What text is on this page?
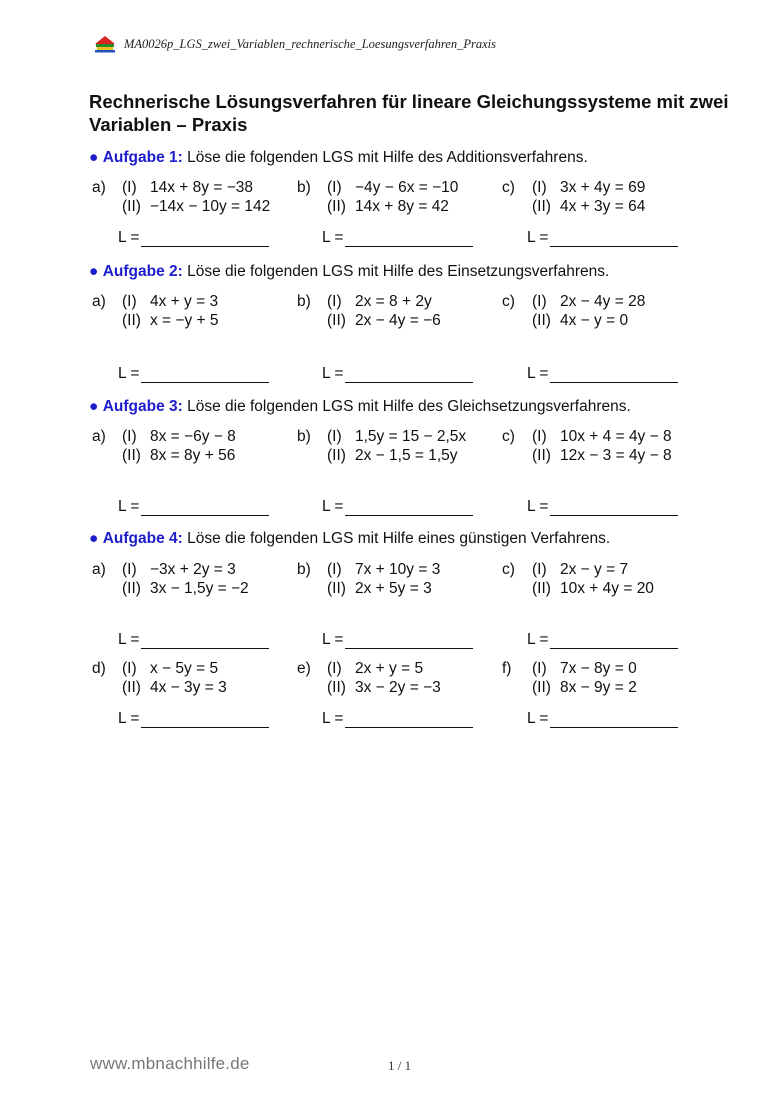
MA0026p_LGS_zwei_Variablen_rechnerische_Loesungsverfahren_Praxis
Rechnerische Lösungsverfahren für lineare Gleichungssysteme mit zwei Variablen – Praxis
● Aufgabe 1: Löse die folgenden LGS mit Hilfe des Additionsverfahrens.
a)	(I) 14x + 8y = −38
(II) −14x − 10y = 142
b)	(I) −4y − 6x = −10
(II) 14x + 8y = 42
c)	(I) 3x + 4y = 69
(II) 4x + 3y = 64
L =	L =	L =
● Aufgabe 2: Löse die folgenden LGS mit Hilfe des Einsetzungsverfahrens.
a)	(I) 4x + y = 3
(II) x = −y + 5
b)	(I) 2x = 8 + 2y
(II) 2x − 4y = −6
c)	(I) 2x − 4y = 28
(II) 4x − y = 0
L =	L =	L =
● Aufgabe 3: Löse die folgenden LGS mit Hilfe des Gleichsetzungsverfahrens.
a)	(I) 8x = −6y − 8
(II) 8x = 8y + 56
b)	(I) 1,5y = 15 − 2,5x
(II) 2x − 1,5 = 1,5y
c)	(I) 10x + 4 = 4y − 8
(II) 12x − 3 = 4y − 8
L =	L =	L =
● Aufgabe 4: Löse die folgenden LGS mit Hilfe eines günstigen Verfahrens.
a)	(I) −3x + 2y = 3
(II) 3x − 1,5y = −2
b)	(I) 7x + 10y = 3
(II) 2x + 5y = 3
c)	(I) 2x − y = 7
(II) 10x + 4y = 20
L =	L =	L =
d)	(I) x − 5y = 5
(II) 4x − 3y = 3
e)	(I) 2x + y = 5
(II) 3x − 2y = −3
f)	(I) 7x − 8y = 0
(II) 8x − 9y = 2
L =	L =	L =
www.mbnachhilfe.de	1 / 1
